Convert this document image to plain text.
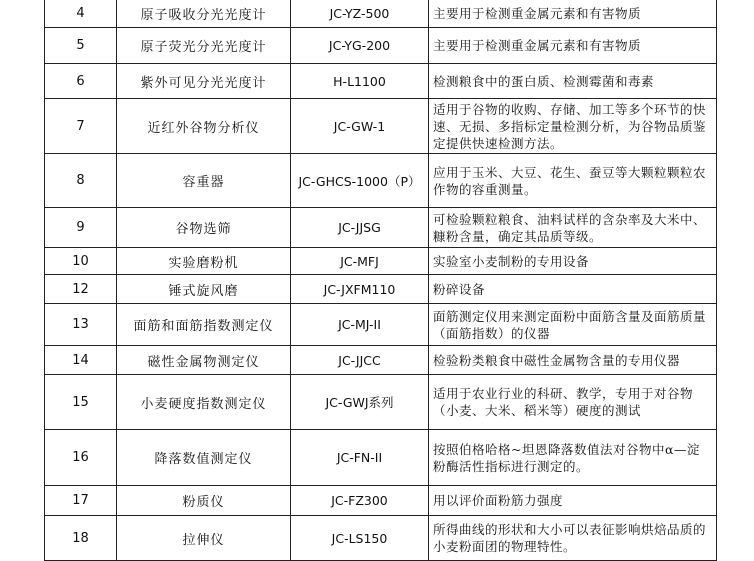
4	原子吸收分光光度计	JC-YZ-500	主要用于检测重金属元素和有害物质
5	原子荧光分光光度计	JC-YG-200	主要用于检测重金属元素和有害物质
6	紫外可见分光光度计	H-L1100	检测粮食中的蛋白质、检测霉菌和毒素
7	近红外谷物分析仪	JC-GW-1	适用于谷物的收购、存储、加工等多个环节的快速、无损、多指标定量检测分析，为谷物品质鉴定提供快速检测方法。
8	容重器	JC-GHCS-1000（P）	应用于玉米、大豆、花生、蚕豆等大颗粒颗粒农作物的容重测量。
9	谷物选筛	JC-JJSG	可检验颗粒粮食、油料试样的含杂率及大米中、糠粉含量，确定其品质等级。
10	实验磨粉机	JC-MFJ	实验室小麦制粉的专用设备
12	锤式旋风磨	JC-JXFM110	粉碎设备
13	面筋和面筋指数测定仪	JC-MJ-II	面筋测定仪用来测定面粉中面筋含量及面筋质量（面筋指数）的仪器
14	磁性金属物测定仪	JC-JJCC	检验粉类粮食中磁性金属物含量的专用仪器
15	小麦硬度指数测定仪	JC-GWJ系列	适用于农业行业的科研、教学，专用于对谷物（小麦、大米、稻米等）硬度的测试
16	降落数值测定仪	JC-FN-II	按照伯格哈格~坦恩降落数值法对谷物中α—淀粉酶活性指标进行测定的。
17	粉质仪	JC-FZ300	用以评价面粉筋力强度
18	拉伸仪	JC-LS150	所得曲线的形状和大小可以表征影响烘焙品质的小麦粉面团的物理特性。
